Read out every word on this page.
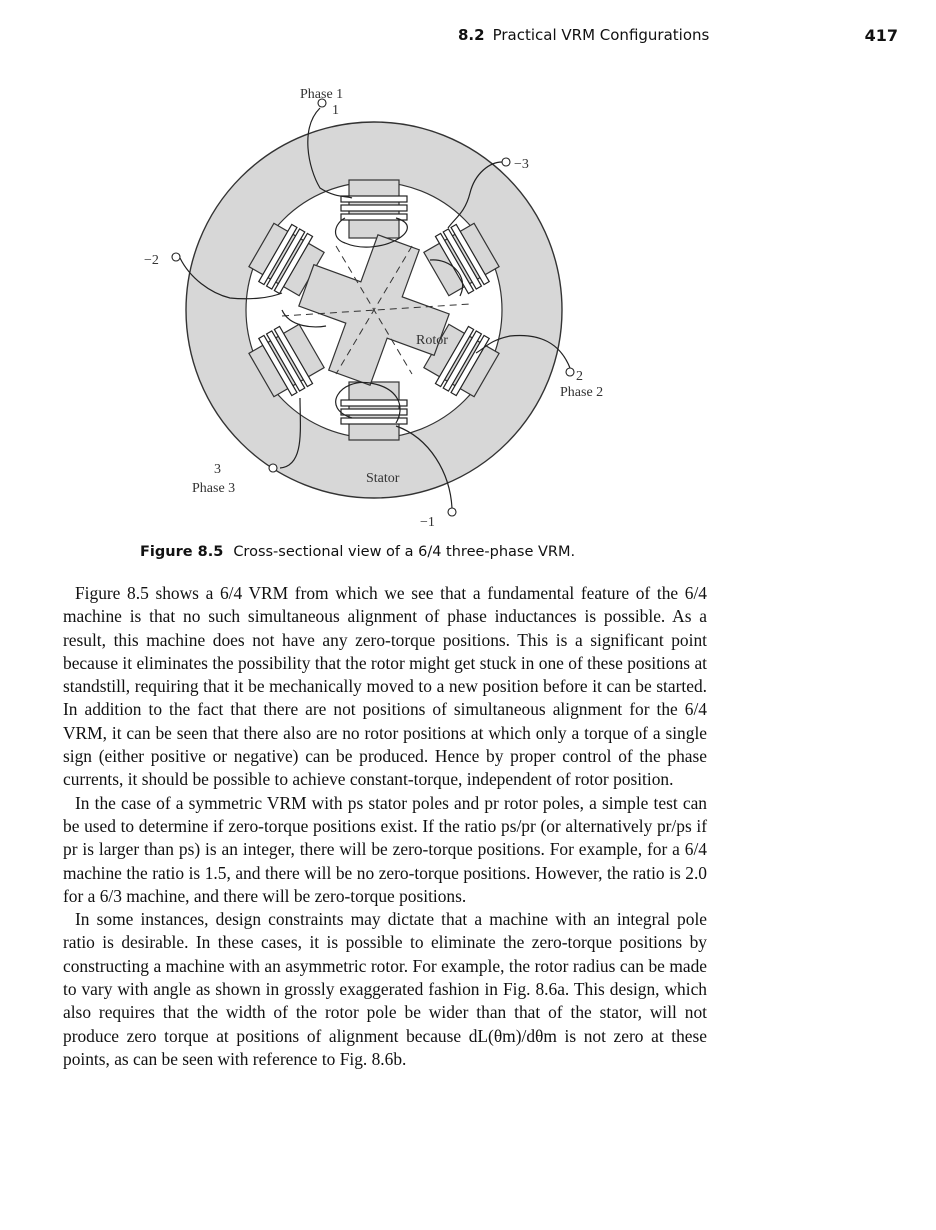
8.2 Practical VRM Configurations	417
Phase 1
1
−3
−2
2
Phase 2
3
Phase 3
−1
Rotor
Stator
Figure 8.5 Cross-sectional view of a 6/4 three-phase VRM.

Figure 8.5 shows a 6/4 VRM from which we see that a fundamental feature of the 6/4 machine is that no such simultaneous alignment of phase inductances is possible. As a result, this machine does not have any zero-torque positions. This is a significant point because it eliminates the possibility that the rotor might get stuck in one of these positions at standstill, requiring that it be mechanically moved to a new position before it can be started. In addition to the fact that there are not positions of simultaneous alignment for the 6/4 VRM, it can be seen that there also are no rotor positions at which only a torque of a single sign (either positive or negative) can be produced. Hence by proper control of the phase currents, it should be possible to achieve constant-torque, independent of rotor position.

In the case of a symmetric VRM with ps stator poles and pr rotor poles, a simple test can be used to determine if zero-torque positions exist. If the ratio ps/pr (or alternatively pr/ps if pr is larger than ps) is an integer, there will be zero-torque positions. For example, for a 6/4 machine the ratio is 1.5, and there will be no zero-torque positions. However, the ratio is 2.0 for a 6/3 machine, and there will be zero-torque positions.

In some instances, design constraints may dictate that a machine with an integral pole ratio is desirable. In these cases, it is possible to eliminate the zero-torque positions by constructing a machine with an asymmetric rotor. For example, the rotor radius can be made to vary with angle as shown in grossly exaggerated fashion in Fig. 8.6a. This design, which also requires that the width of the rotor pole be wider than that of the stator, will not produce zero torque at positions of alignment because dL(θm)/dθm is not zero at these points, as can be seen with reference to Fig. 8.6b.
